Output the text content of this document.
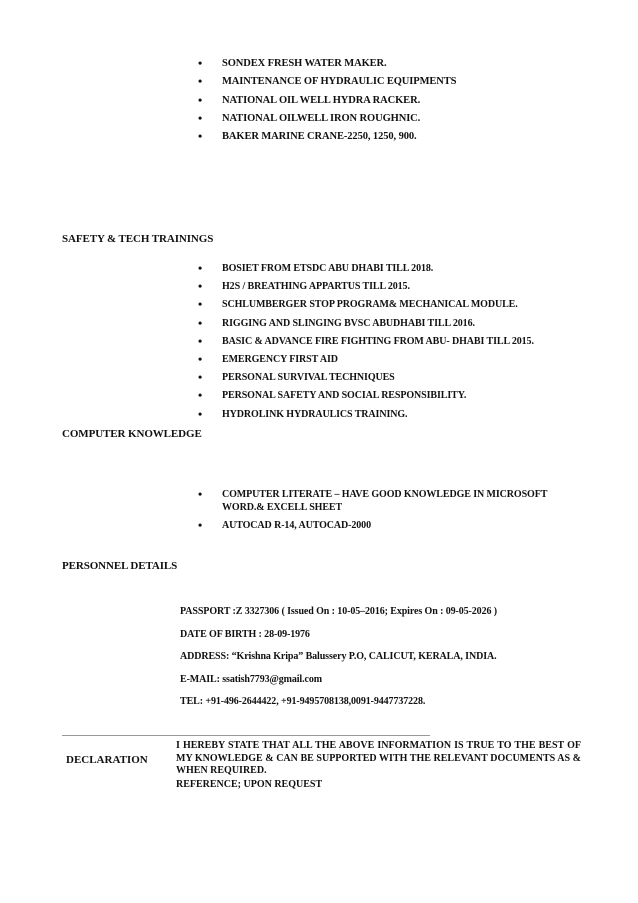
• SONDEX FRESH WATER MAKER.
• MAINTENANCE OF HYDRAULIC EQUIPMENTS
• NATIONAL OIL WELL HYDRA RACKER.
• NATIONAL OILWELL IRON ROUGHNIC.
• BAKER MARINE CRANE-2250, 1250, 900.
SAFETY & TECH TRAININGS
• BOSIET FROM ETSDC ABU DHABI TILL 2018.
• H2S / BREATHING APPARTUS TILL 2015.
• SCHLUMBERGER STOP PROGRAM& MECHANICAL MODULE.
• RIGGING AND SLINGING BVSC ABUDHABI TILL 2016.
• BASIC & ADVANCE FIRE FIGHTING FROM ABU- DHABI TILL 2015.
• EMERGENCY FIRST AID
• PERSONAL SURVIVAL TECHNIQUES
• PERSONAL SAFETY AND SOCIAL RESPONSIBILITY.
• HYDROLINK HYDRAULICS TRAINING.
COMPUTER KNOWLEDGE
• COMPUTER LITERATE – HAVE GOOD KNOWLEDGE IN MICROSOFT WORD.& EXCELL SHEET
• AUTOCAD R-14, AUTOCAD-2000
PERSONNEL DETAILS
PASSPORT :Z 3327306 ( Issued On : 10-05–2016; Expires On : 09-05-2026 )
DATE OF BIRTH : 28-09-1976
ADDRESS: “Krishna Kripa” Balussery P.O, CALICUT, KERALA, INDIA.
E-MAIL: ssatish7793@gmail.com
TEL: +91-496-2644422, +91-9495708138,0091-9447737228.
DECLARATION
I HEREBY STATE THAT ALL THE ABOVE INFORMATION IS TRUE TO THE BEST OF MY KNOWLEDGE & CAN BE SUPPORTED WITH THE RELEVANT DOCUMENTS AS & WHEN REQUIRED.
REFERENCE; UPON REQUEST
